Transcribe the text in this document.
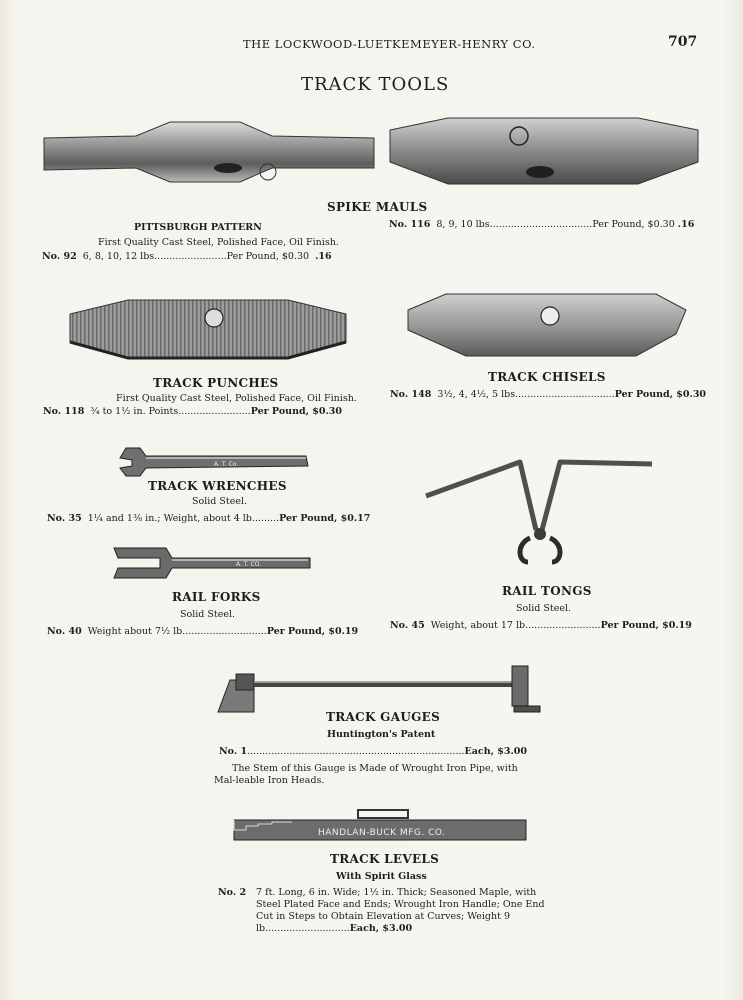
THE LOCKWOOD-LUETKEMEYER-HENRY CO.	707
TRACK TOOLS
SPIKE MAULS
No. 116 8, 9, 10 lbs..................................Per Pound, $0.30 .16
PITTSBURGH PATTERN
First Quality Cast Steel, Polished Face, Oil Finish.
No. 92 6, 8, 10, 12 lbs........................Per Pound, $0.30 .16
TRACK PUNCHES
First Quality Cast Steel, Polished Face, Oil Finish.
No. 118 ¾ to 1½ in. Points........................Per Pound, $0.30
TRACK CHISELS
No. 148 3½, 4, 4½, 5 lbs.................................Per Pound, $0.30
A. T. Co.
TRACK WRENCHES
Solid Steel.
No. 35 1¼ and 1⅜ in.; Weight, about 4 lb.........Per Pound, $0.17
A. T. CO.
RAIL TONGS
Solid Steel.
No. 45 Weight, about 17 lb.........................Per Pound, $0.19
RAIL FORKS
Solid Steel.
No. 40 Weight about 7½ lb............................Per Pound, $0.19
TRACK GAUGES
Huntington's Patent
No. 1........................................................................Each, $3.00
The Stem of this Gauge is Made of Wrought Iron Pipe, with Mal-leable Iron Heads.
HANDLAN-BUCK MFG. CO.
TRACK LEVELS
With Spirit Glass
No. 2 7 ft. Long, 6 in. Wide; 1½ in. Thick; Seasoned Maple, with Steel Plated Face and Ends; Wrought Iron Handle; One End Cut in Steps to Obtain Elevation at Curves; Weight 9 lb............................Each, $3.00
